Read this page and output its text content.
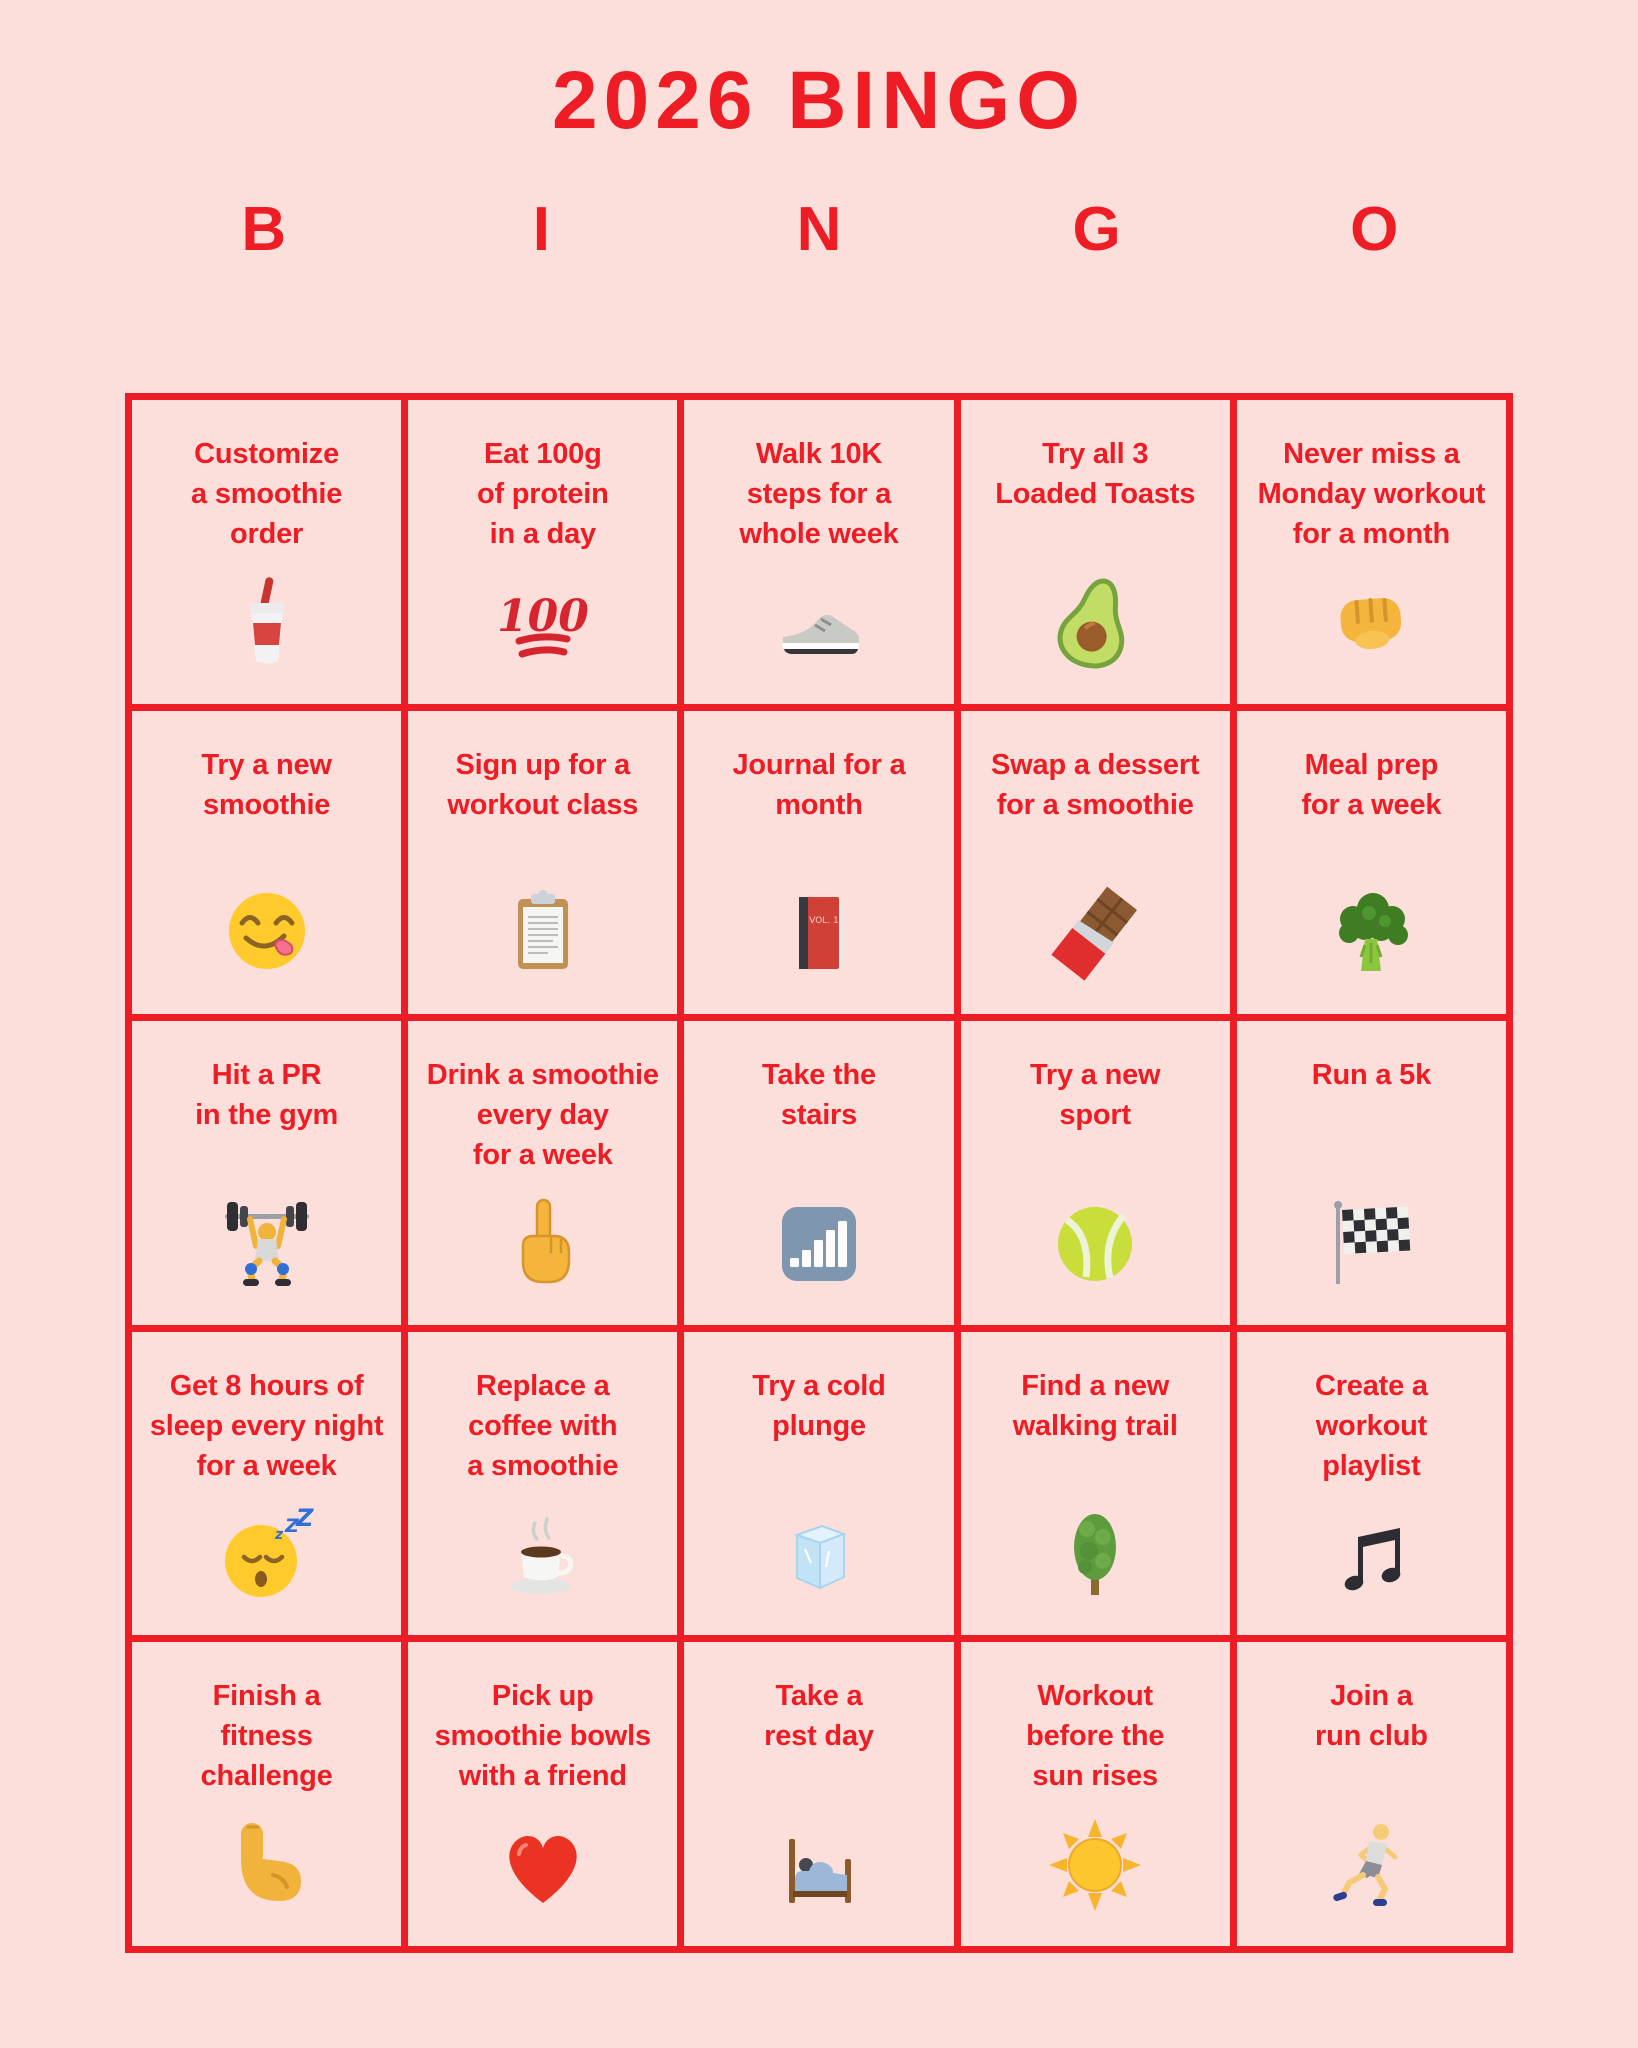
2026 BINGO
B	I	N	G	O
Customize
a smoothie
order
Eat 100g
of protein
in a day
100
Walk 10K
steps for a
whole week
Try all 3
Loaded Toasts
Never miss a
Monday workout
for a month
Try a new
smoothie
Sign up for a
workout class
Journal for a
month
VOL. 1
Swap a dessert
for a smoothie
Meal prep
for a week
Hit a PR
in the gym
Drink a smoothie
every day
for a week
Take the
stairs
Try a new
sport
Run a 5k
Get 8 hours of
sleep every night
for a week
z Z
Z
Replace a
coffee with
a smoothie
Try a cold
plunge
Find a new
walking trail
Create a
workout
playlist
Finish a
fitness
challenge
Pick up
smoothie bowls
with a friend
Take a
rest day
Workout
before the
sun rises
Join a
run club
